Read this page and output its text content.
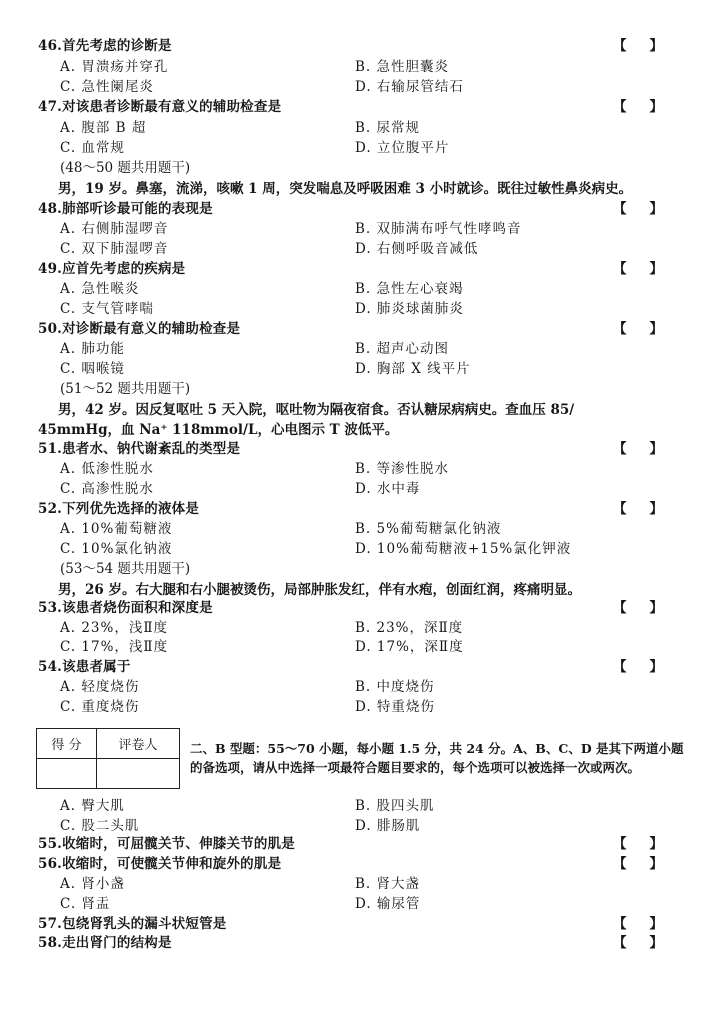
46.首先考虑的诊断是	【 】
A. 胃溃疡并穿孔	B. 急性胆囊炎
C. 急性阑尾炎	D. 右输尿管结石
47.对该患者诊断最有意义的辅助检查是	【 】
A. 腹部 B 超	B. 尿常规
C. 血常规	D. 立位腹平片
(48～50 题共用题干)
男，19 岁。鼻塞，流涕，咳嗽 1 周，突发喘息及呼吸困难 3 小时就诊。既往过敏性鼻炎病史。
48.肺部听诊最可能的表现是	【 】
A. 右侧肺湿啰音	B. 双肺满布呼气性哮鸣音
C. 双下肺湿啰音	D. 右侧呼吸音减低
49.应首先考虑的疾病是	【 】
A. 急性喉炎	B. 急性左心衰竭
C. 支气管哮喘	D. 肺炎球菌肺炎
50.对诊断最有意义的辅助检查是	【 】
A. 肺功能	B. 超声心动图
C. 咽喉镜	D. 胸部 X 线平片
(51～52 题共用题干)
男，42 岁。因反复呕吐 5 天入院，呕吐物为隔夜宿食。否认糖尿病病史。查血压 85/
45mmHg，血 Na⁺ 118mmol/L，心电图示 T 波低平。
51.患者水、钠代谢紊乱的类型是	【 】
A. 低渗性脱水	B. 等渗性脱水
C. 高渗性脱水	D. 水中毒
52.下列优先选择的液体是	【 】
A. 10%葡萄糖液	B. 5%葡萄糖氯化钠液
C. 10%氯化钠液	D. 10%葡萄糖液+15%氯化钾液
(53～54 题共用题干)
男，26 岁。右大腿和右小腿被烫伤，局部肿胀发红，伴有水疱，创面红润，疼痛明显。
53.该患者烧伤面积和深度是	【 】
A. 23%，浅Ⅱ度	B. 23%，深Ⅱ度
C. 17%，浅Ⅱ度	D. 17%，深Ⅱ度
54.该患者属于	【 】
A. 轻度烧伤	B. 中度烧伤
C. 重度烧伤	D. 特重烧伤
得 分	评卷人
		二、B 型题：55～70 小题，每小题 1.5 分，共 24 分。A、B、C、D 是其下两道小题的备选项，请从中选择一项最符合题目要求的，每个选项可以被选择一次或两次。
A. 臀大肌	B. 股四头肌
C. 股二头肌	D. 腓肠肌
55.收缩时，可屈髋关节、伸膝关节的肌是	【 】
56.收缩时，可使髋关节伸和旋外的肌是	【 】
A. 肾小盏	B. 肾大盏
C. 肾盂	D. 输尿管
57.包绕肾乳头的漏斗状短管是	【 】
58.走出肾门的结构是	【 】
